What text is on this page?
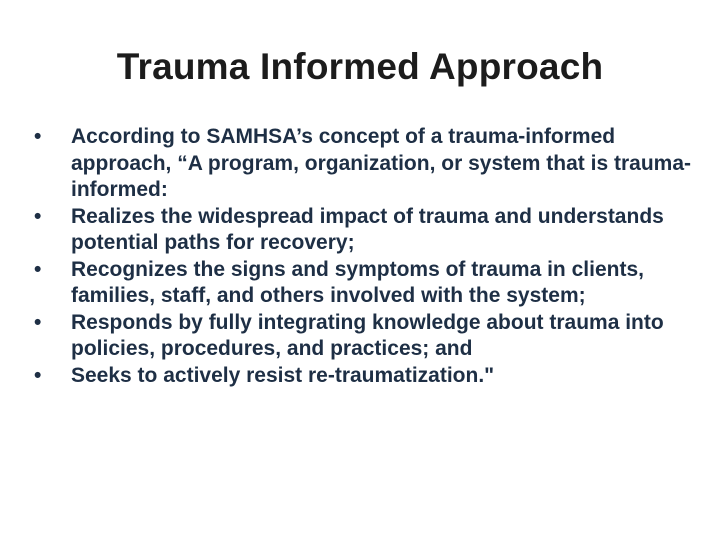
Trauma Informed Approach
•	According to SAMHSA’s concept of a trauma-informed approach, “A program, organization, or system that is trauma-informed:
•	Realizes the widespread impact of trauma and understands potential paths for recovery;
•	Recognizes the signs and symptoms of trauma in clients, families, staff, and others involved with the system;
•	Responds by fully integrating knowledge about trauma into policies, procedures, and practices; and
•	Seeks to actively resist re-traumatization."
